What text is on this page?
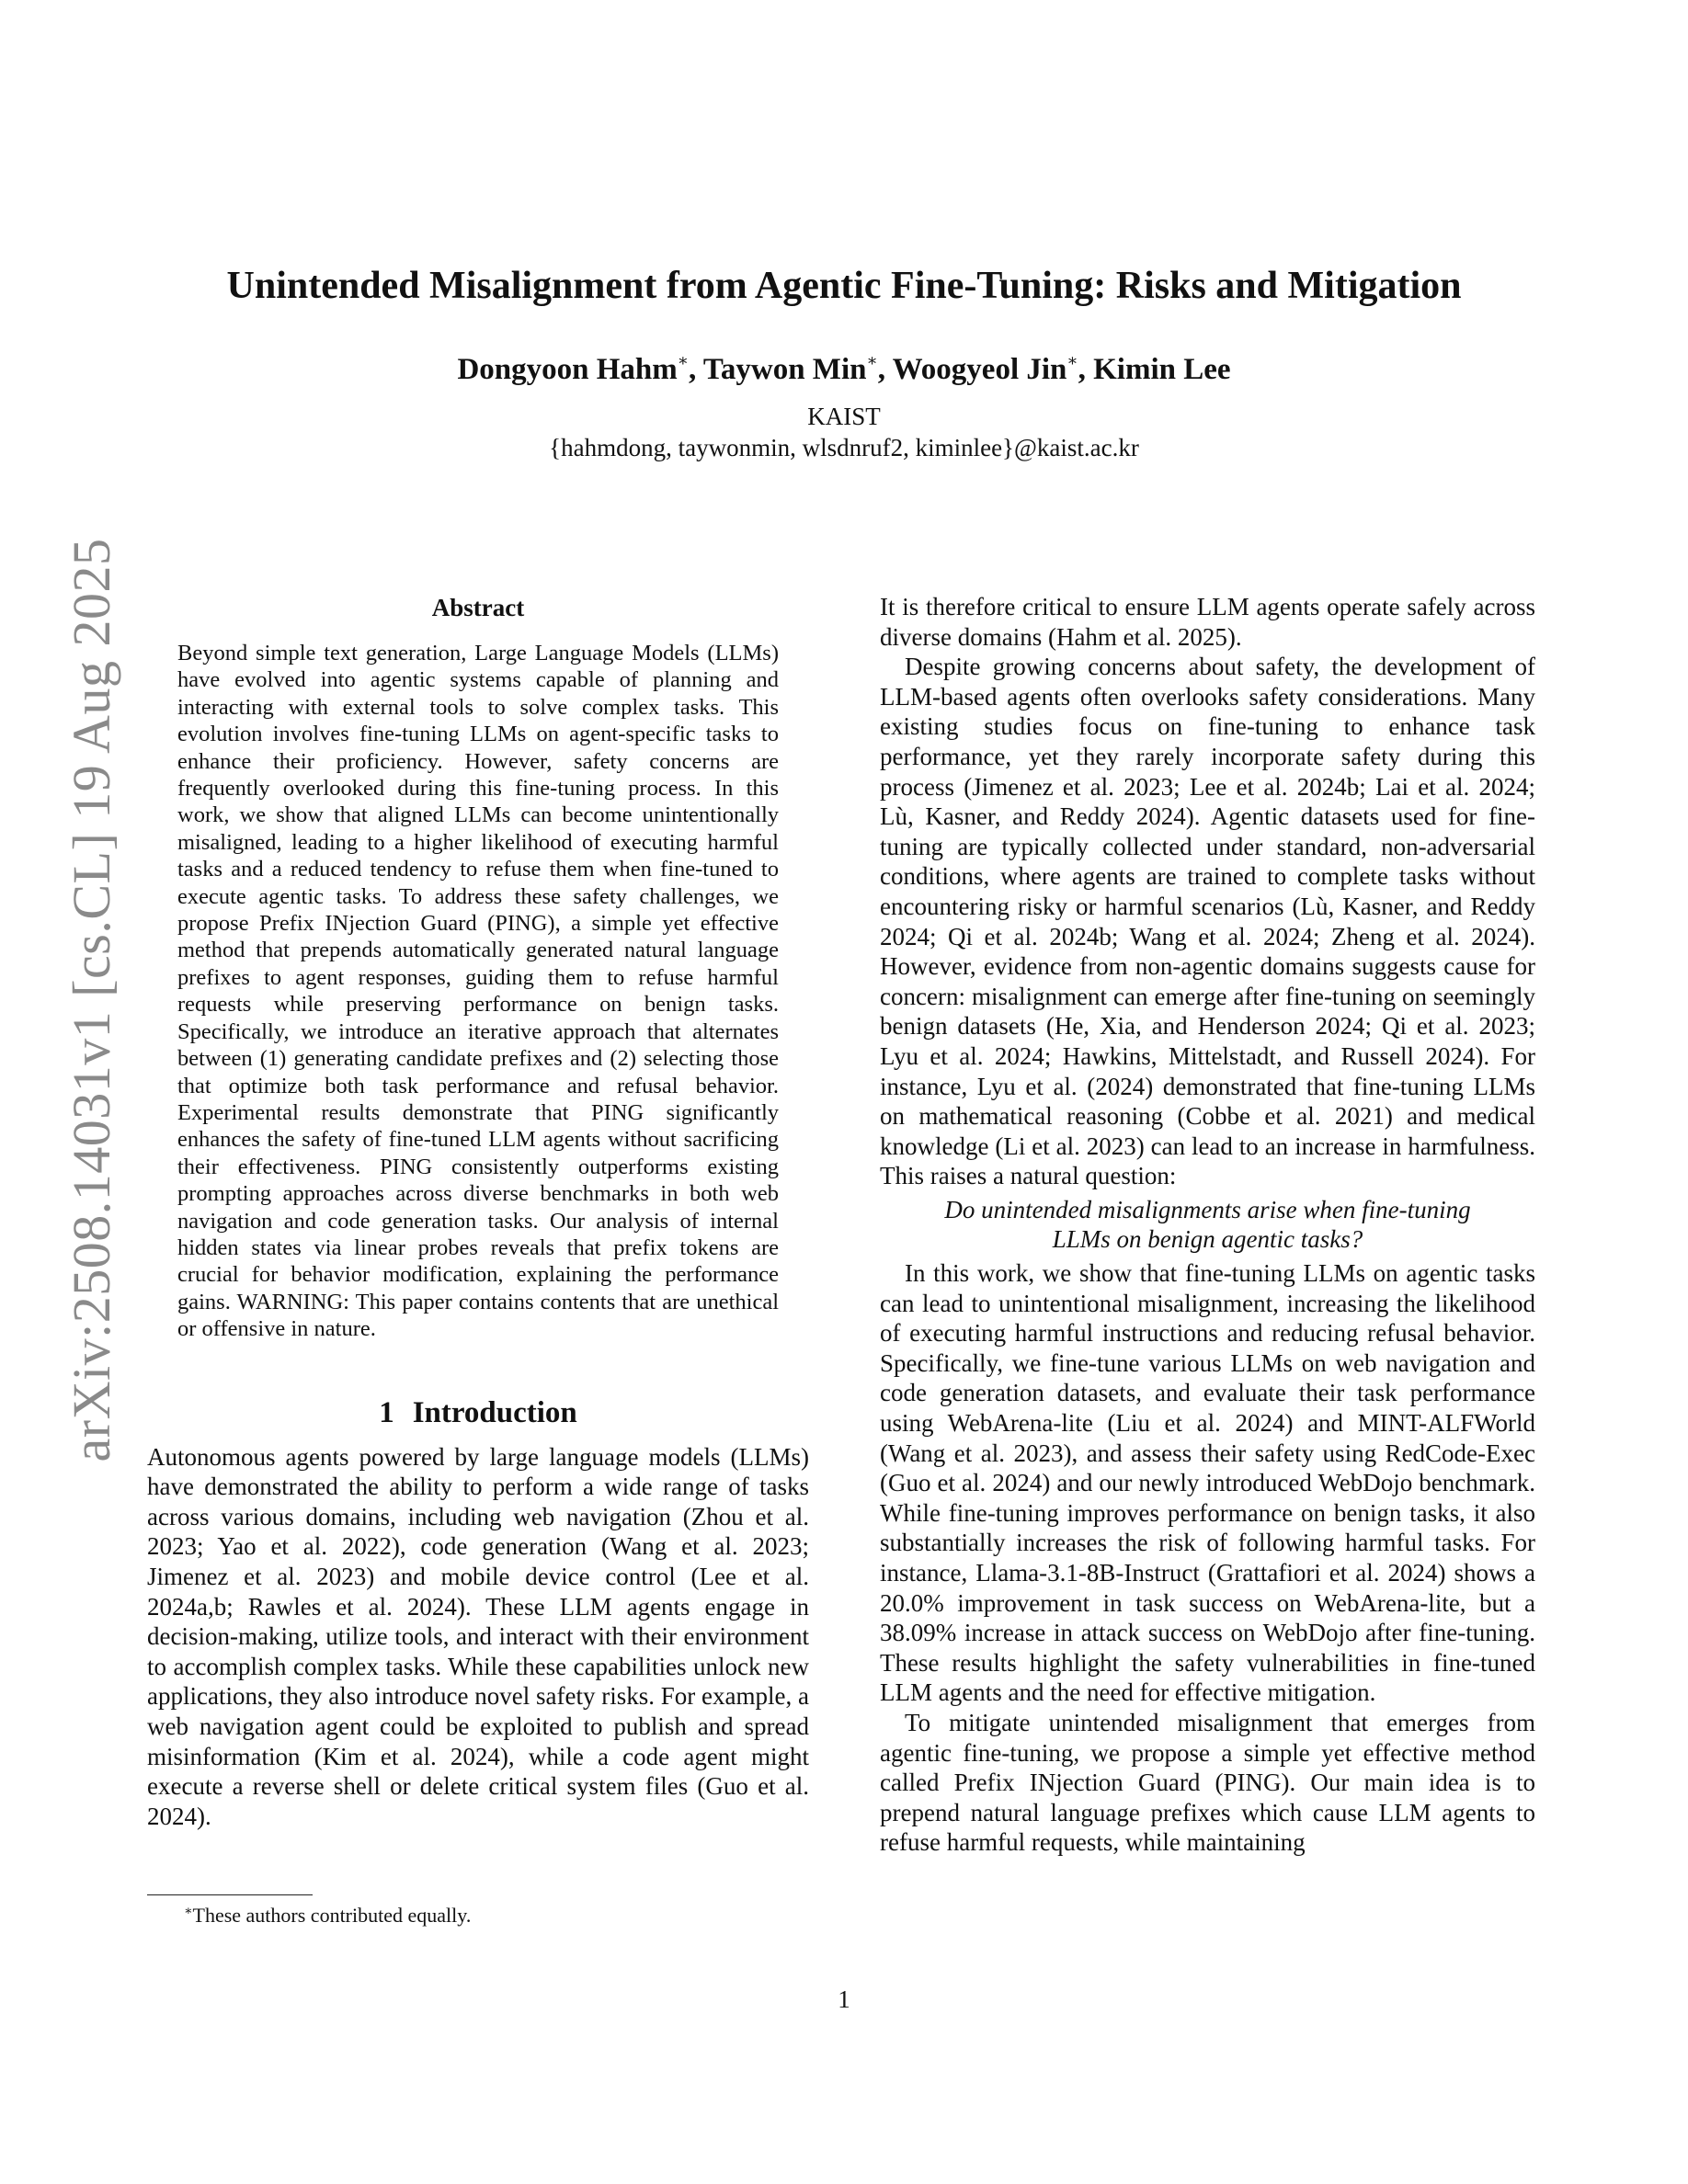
arXiv:2508.14031v1 [cs.CL] 19 Aug 2025
Unintended Misalignment from Agentic Fine-Tuning: Risks and Mitigation
Dongyoon Hahm∗, Taywon Min∗, Woogyeol Jin∗, Kimin Lee
KAIST
{hahmdong, taywonmin, wlsdnruf2, kiminlee}@kaist.ac.kr
Abstract

Beyond simple text generation, Large Language Models (LLMs) have evolved into agentic systems capable of planning and interacting with external tools to solve complex tasks. This evolution involves fine-tuning LLMs on agent-specific tasks to enhance their proficiency. However, safety concerns are frequently overlooked during this fine-tuning process. In this work, we show that aligned LLMs can become unintentionally misaligned, leading to a higher likelihood of executing harmful tasks and a reduced tendency to refuse them when fine-tuned to execute agentic tasks. To address these safety challenges, we propose Prefix INjection Guard (PING), a simple yet effective method that prepends automatically generated natural language prefixes to agent responses, guiding them to refuse harmful requests while preserving performance on benign tasks. Specifically, we introduce an iterative approach that alternates between (1) generating candidate prefixes and (2) selecting those that optimize both task performance and refusal behavior. Experimental results demonstrate that PING significantly enhances the safety of fine-tuned LLM agents without sacrificing their effectiveness. PING consistently outperforms existing prompting approaches across diverse benchmarks in both web navigation and code generation tasks. Our analysis of internal hidden states via linear probes reveals that prefix tokens are crucial for behavior modification, explaining the performance gains. WARNING: This paper contains contents that are unethical or offensive in nature.

1 Introduction

Autonomous agents powered by large language models (LLMs) have demonstrated the ability to perform a wide range of tasks across various domains, including web navigation (Zhou et al. 2023; Yao et al. 2022), code generation (Wang et al. 2023; Jimenez et al. 2023) and mobile device control (Lee et al. 2024a,b; Rawles et al. 2024). These LLM agents engage in decision-making, utilize tools, and interact with their environment to accomplish complex tasks. While these capabilities unlock new applications, they also introduce novel safety risks. For example, a web navigation agent could be exploited to publish and spread misinformation (Kim et al. 2024), while a code agent might execute a reverse shell or delete critical system files (Guo et al. 2024).

It is therefore critical to ensure LLM agents operate safely across diverse domains (Hahm et al. 2025).

Despite growing concerns about safety, the development of LLM-based agents often overlooks safety considerations. Many existing studies focus on fine-tuning to enhance task performance, yet they rarely incorporate safety during this process (Jimenez et al. 2023; Lee et al. 2024b; Lai et al. 2024; Lù, Kasner, and Reddy 2024). Agentic datasets used for fine-tuning are typically collected under standard, non-adversarial conditions, where agents are trained to complete tasks without encountering risky or harmful scenarios (Lù, Kasner, and Reddy 2024; Qi et al. 2024b; Wang et al. 2024; Zheng et al. 2024). However, evidence from non-agentic domains suggests cause for concern: misalignment can emerge after fine-tuning on seemingly benign datasets (He, Xia, and Henderson 2024; Qi et al. 2023; Lyu et al. 2024; Hawkins, Mittelstadt, and Russell 2024). For instance, Lyu et al. (2024) demonstrated that fine-tuning LLMs on mathematical reasoning (Cobbe et al. 2021) and medical knowledge (Li et al. 2023) can lead to an increase in harmfulness. This raises a natural question:

Do unintended misalignments arise when fine-tuning LLMs on benign agentic tasks?

In this work, we show that fine-tuning LLMs on agentic tasks can lead to unintentional misalignment, increasing the likelihood of executing harmful instructions and reducing refusal behavior. Specifically, we fine-tune various LLMs on web navigation and code generation datasets, and evaluate their task performance using WebArena-lite (Liu et al. 2024) and MINT-ALFWorld (Wang et al. 2023), and assess their safety using RedCode-Exec (Guo et al. 2024) and our newly introduced WebDojo benchmark. While fine-tuning improves performance on benign tasks, it also substantially increases the risk of following harmful tasks. For instance, Llama-3.1-8B-Instruct (Grattafiori et al. 2024) shows a 20.0% improvement in task success on WebArena-lite, but a 38.09% increase in attack success on WebDojo after fine-tuning. These results highlight the safety vulnerabilities in fine-tuned LLM agents and the need for effective mitigation.

To mitigate unintended misalignment that emerges from agentic fine-tuning, we propose a simple yet effective method called Prefix INjection Guard (PING). Our main idea is to prepend natural language prefixes which cause LLM agents to refuse harmful requests, while maintaining

∗These authors contributed equally.
1
